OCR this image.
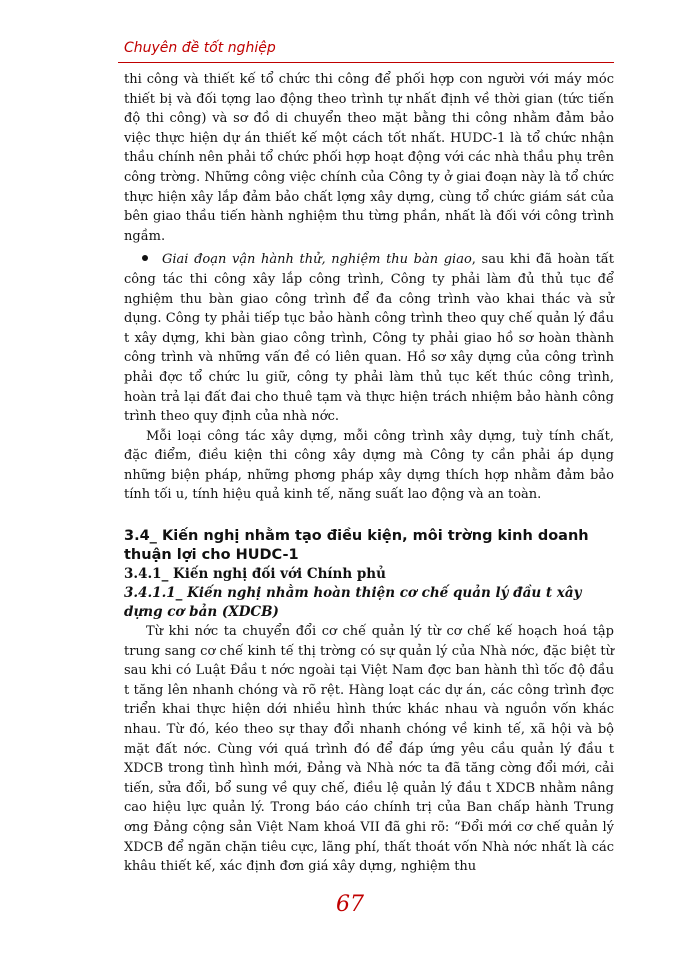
Chuyên đề tốt nghiệp

thi công và thiết kế tổ chức thi công để phối hợp con người với máy móc thiết bị và đối tợng lao động theo trình tự nhất định về thời gian (tức tiến độ thi công) và sơ đồ di chuyển theo mặt bằng thi công nhằm đảm bảo việc thực hiện dự án thiết kế một cách tốt nhất. HUDC-1 là tổ chức nhận thầu chính nên phải tổ chức phối hợp hoạt động với các nhà thầu phụ trên công trờng. Những công việc chính của Công ty ở giai đoạn này là tổ chức thực hiện xây lắp đảm bảo chất lợng xây dựng, cùng tổ chức giám sát của bên giao thầu tiến hành nghiệm thu từng phần, nhất là đối với công trình ngầm.

Giai đoạn vận hành thử, nghiệm thu bàn giao, sau khi đã hoàn tất công tác thi công xây lắp công trình, Công ty phải làm đủ thủ tục để nghiệm thu bàn giao công trình để đa công trình vào khai thác và sử dụng. Công ty phải tiếp tục bảo hành công trình theo quy chế quản lý đầu t xây dựng, khi bàn giao công trình, Công ty phải giao hồ sơ hoàn thành công trình và những vấn đề có liên quan. Hồ sơ xây dựng của công trình phải đợc tổ chức lu giữ, công ty phải làm thủ tục kết thúc công trình, hoàn trả lại đất đai cho thuê tạm và thực hiện trách nhiệm bảo hành công trình theo quy định của nhà nớc.

Mỗi loại công tác xây dựng, mỗi công trình xây dựng, tuỳ tính chất, đặc điểm, điều kiện thi công xây dựng mà Công ty cần phải áp dụng những biện pháp, những phơng pháp xây dựng thích hợp nhằm đảm bảo tính tối u, tính hiệu quả kinh tế, năng suất lao động và an toàn.

3.4_ Kiến nghị nhằm tạo điều kiện, môi trờng kinh doanh thuận lợi cho HUDC-1

3.4.1_ Kiến nghị đối với Chính phủ

3.4.1.1_ Kiến nghị nhằm hoàn thiện cơ chế quản lý đầu t xây dựng cơ bản (XDCB)

Từ khi nớc ta chuyển đổi cơ chế quản lý từ cơ chế kế hoạch hoá tập trung sang cơ chế kinh tế thị trờng có sự quản lý của Nhà nớc, đặc biệt từ sau khi có Luật Đầu t nớc ngoài tại Việt Nam đợc ban hành thì tốc độ đầu t tăng lên nhanh chóng và rõ rệt. Hàng loạt các dự án, các công trình đợc triển khai thực hiện dới nhiều hình thức khác nhau và nguồn vốn khác nhau. Từ đó, kéo theo sự thay đổi nhanh chóng về kinh tế, xã hội và bộ mặt đất nớc. Cùng với quá trình đó để đáp ứng yêu cầu quản lý đầu t XDCB trong tình hình mới, Đảng và Nhà nớc ta đã tăng cờng đổi mới, cải tiến, sửa đổi, bổ sung về quy chế, điều lệ quản lý đầu t XDCB nhằm nâng cao hiệu lực quản lý. Trong báo cáo chính trị của Ban chấp hành Trung ơng Đảng cộng sản Việt Nam khoá VII đã ghi rõ: “Đổi mới cơ chế quản lý XDCB để ngăn chặn tiêu cực, lãng phí, thất thoát vốn Nhà nớc nhất là các khâu thiết kế, xác định đơn giá xây dựng, nghiệm thu

67
